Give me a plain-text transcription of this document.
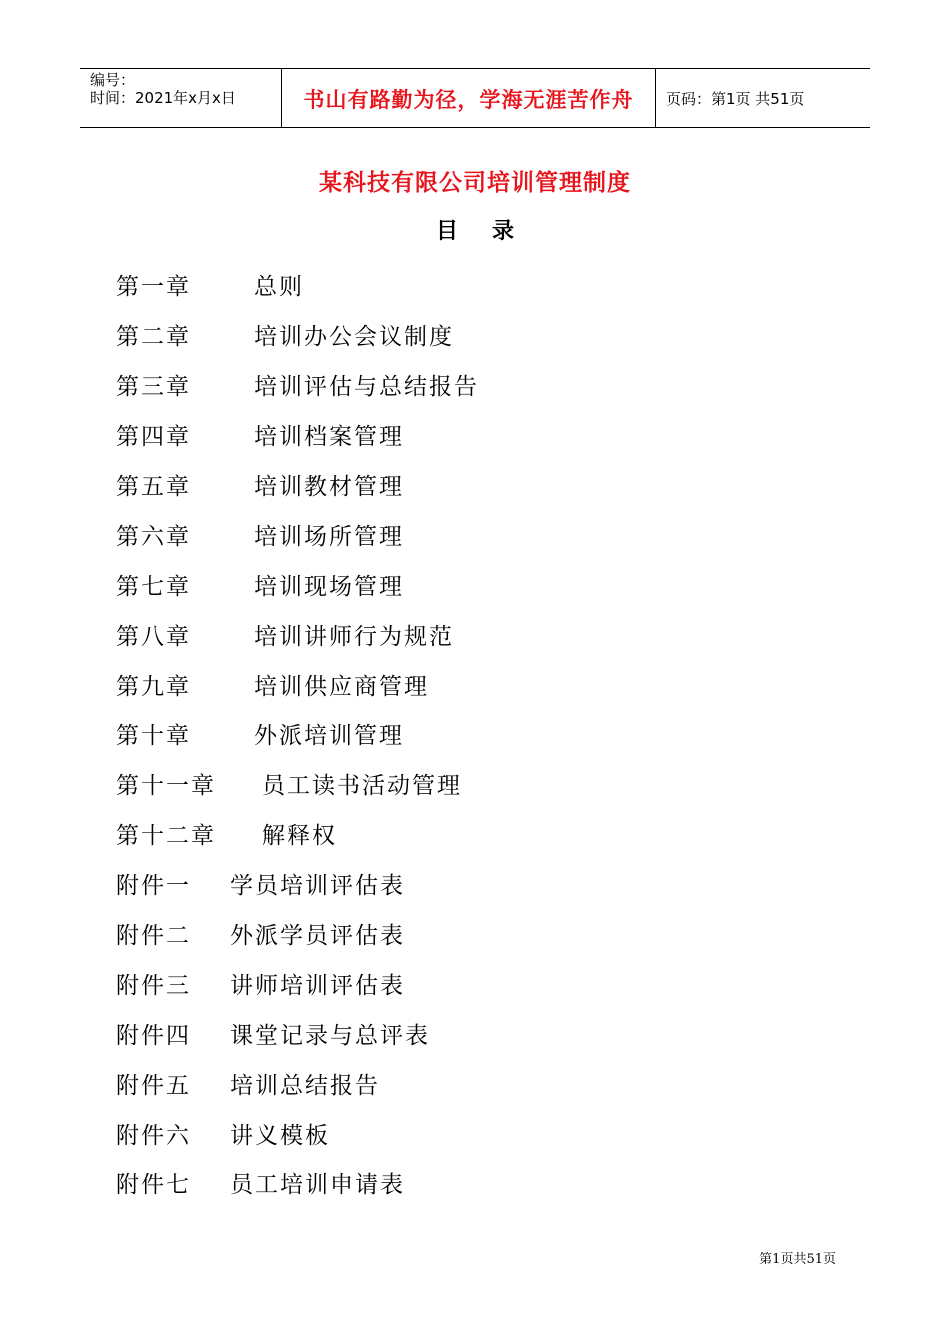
编号：
时间：2021年x月x日	书山有路勤为径，学海无涯苦作舟	页码：第1页 共51页
某科技有限公司培训管理制度
目录
第一章	总则
第二章	培训办公会议制度
第三章	培训评估与总结报告
第四章	培训档案管理
第五章	培训教材管理
第六章	培训场所管理
第七章	培训现场管理
第八章	培训讲师行为规范
第九章	培训供应商管理
第十章	外派培训管理
第十一章	员工读书活动管理
第十二章	解释权
附件一	学员培训评估表
附件二	外派学员评估表
附件三	讲师培训评估表
附件四	课堂记录与总评表
附件五	培训总结报告
附件六	讲义模板
附件七	员工培训申请表
第1页共51页
